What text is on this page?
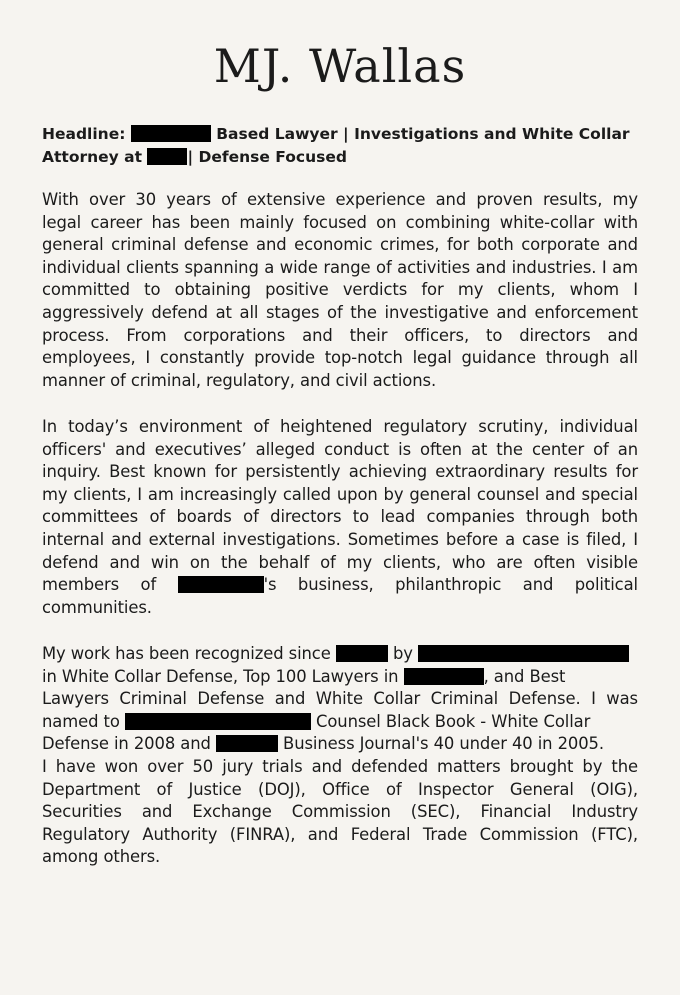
MJ. Wallas

Headline:	Based Lawyer | Investigations and White Collar
Attorney at	| Defense Focused

With over 30 years of extensive experience and proven results, my
legal career has been mainly focused on combining white-collar with
general criminal defense and economic crimes, for both corporate and
individual clients spanning a wide range of activities and industries. I am
committed to obtaining positive verdicts for my clients, whom I
aggressively defend at all stages of the investigative and enforcement
process. From corporations and their officers, to directors and
employees, I constantly provide top-notch legal guidance through all
manner of criminal, regulatory, and civil actions.
In today’s environment of heightened regulatory scrutiny, individual
officers' and executives’ alleged conduct is often at the center of an
inquiry. Best known for persistently achieving extraordinary results for
my clients, I am increasingly called upon by general counsel and special
committees of boards of directors to lead companies through both
internal and external investigations. Sometimes before a case is filed, I
defend and win on the behalf of my clients, who are often visible
members of	's business, philanthropic and political
communities.
My work has been recognized since	by
in White Collar Defense, Top 100 Lawyers in	, and Best
Lawyers Criminal Defense and White Collar Criminal Defense. I was
named to	Counsel Black Book - White Collar
Defense in 2008 and	Business Journal's 40 under 40 in 2005.
I have won over 50 jury trials and defended matters brought by the
Department of Justice (DOJ), Office of Inspector General (OIG),
Securities and Exchange Commission (SEC), Financial Industry
Regulatory Authority (FINRA), and Federal Trade Commission (FTC),
among others.
